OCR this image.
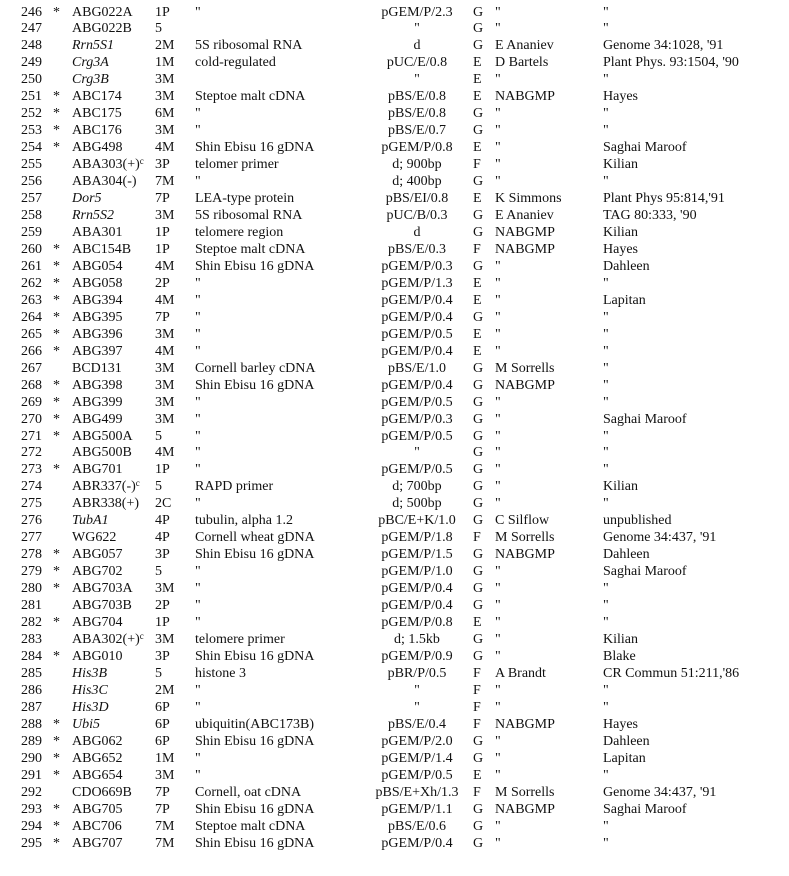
246 * ABG022A 1P "	pGEM/P/2.3	G "	"
247 ABG022B 5	"	G "	"
248 Rrn5S1	2M 5S ribosomal RNA	d	G E Ananiev	Genome 34:1028, '91
249 Crg3A	1M cold-regulated	pUC/E/0.8	E D Bartels	Plant Phys. 93:1504, '90
250 Crg3B	3M	"	E "	"
251 * ABC174 3M Steptoe malt cDNA	pBS/E/0.8	E NABGMP	Hayes
252 * ABC175 6M "	pBS/E/0.8	G "	"
253 * ABC176 3M "	pBS/E/0.7	G "	"
254 * ABG498 4M Shin Ebisu 16 gDNA	pGEM/P/0.8	E "	Saghai Maroof
255 $ABA303(+)^c$ 3P telomer primer	d; 900bp	F "	Kilian
256 ABA304(-) 7M "	d; 400bp	G "	"
257 Dor5	7P LEA-type protein	pBS/EI/0.8	E K Simmons	Plant Phys 95:814,'91
258 Rrn5S2	3M 5S ribosomal RNA	pUC/B/0.3	G E Ananiev	TAG 80:333, '90
259 ABA301 1P telomere region	d	G NABGMP	Kilian
260 * ABC154B 1P Steptoe malt cDNA	pBS/E/0.3	F NABGMP	Hayes
261 * ABG054 4M Shin Ebisu 16 gDNA	pGEM/P/0.3	G "	Dahleen
262 * ABG058 2P "	pGEM/P/1.3	E "	"
263 * ABG394 4M "	pGEM/P/0.4	E "	Lapitan
264 * ABG395 7P "	pGEM/P/0.4	G "	"
265 * ABG396 3M "	pGEM/P/0.5	E "	"
266 * ABG397 4M "	pGEM/P/0.4	E "	"
267 BCD131 3M Cornell barley cDNA	pBS/E/1.0	G M Sorrells	"
268 * ABG398 3M Shin Ebisu 16 gDNA	pGEM/P/0.4	G NABGMP	"
269 * ABG399 3M "	pGEM/P/0.5	G "	"
270 * ABG499 3M "	pGEM/P/0.3	G "	Saghai Maroof
271 * ABG500A 5 "	pGEM/P/0.5	G "	"
272 ABG500B 4M "	"	G "	"
273 * ABG701 1P "	pGEM/P/0.5	G "	"
274 $ABR337(-)^c$ 5 RAPD primer	d; 700bp	G "	Kilian
275 ABR338(+) 2C "	d; 500bp	G "	"
276 TubA1	4P tubulin, alpha 1.2	pBC/E+K/1.0	G C Silflow	unpublished
277 WG622	4P Cornell wheat gDNA	pGEM/P/1.8	F M Sorrells	Genome 34:437, '91
278 * ABG057 3P Shin Ebisu 16 gDNA	pGEM/P/1.5	G NABGMP	Dahleen
279 * ABG702 5 "	pGEM/P/1.0	G "	Saghai Maroof
280 * ABG703A 3M "	pGEM/P/0.4	G "	"
281 ABG703B 2P "	pGEM/P/0.4	G "	"
282 * ABG704 1P "	pGEM/P/0.8	E "	"
283 $ABA302(+)^c$ 3M telomere primer	d; 1.5kb	G "	Kilian
284 * ABG010 3P Shin Ebisu 16 gDNA	pGEM/P/0.9	G "	Blake
285 His3B	5 histone 3	pBR/P/0.5	F A Brandt	CR Commun 51:211,'86
286 His3C	2M "	"	F "	"
287 His3D	6P "	"	F "	"
288 * Ubi5	6P ubiquitin(ABC173B)	pBS/E/0.4	F NABGMP	Hayes
289 * ABG062 6P Shin Ebisu 16 gDNA	pGEM/P/2.0	G "	Dahleen
290 * ABG652 1M "	pGEM/P/1.4	G "	Lapitan
291 * ABG654 3M "	pGEM/P/0.5	E "	"
292 CDO669B 7P Cornell, oat cDNA	pBS/E+Xh/1.3	F M Sorrells	Genome 34:437, '91
293 * ABG705 7P Shin Ebisu 16 gDNA	pGEM/P/1.1	G NABGMP	Saghai Maroof
294 * ABC706 7M Steptoe malt cDNA	pBS/E/0.6	G "	"
295 * ABG707 7M Shin Ebisu 16 gDNA	pGEM/P/0.4	G "	"
